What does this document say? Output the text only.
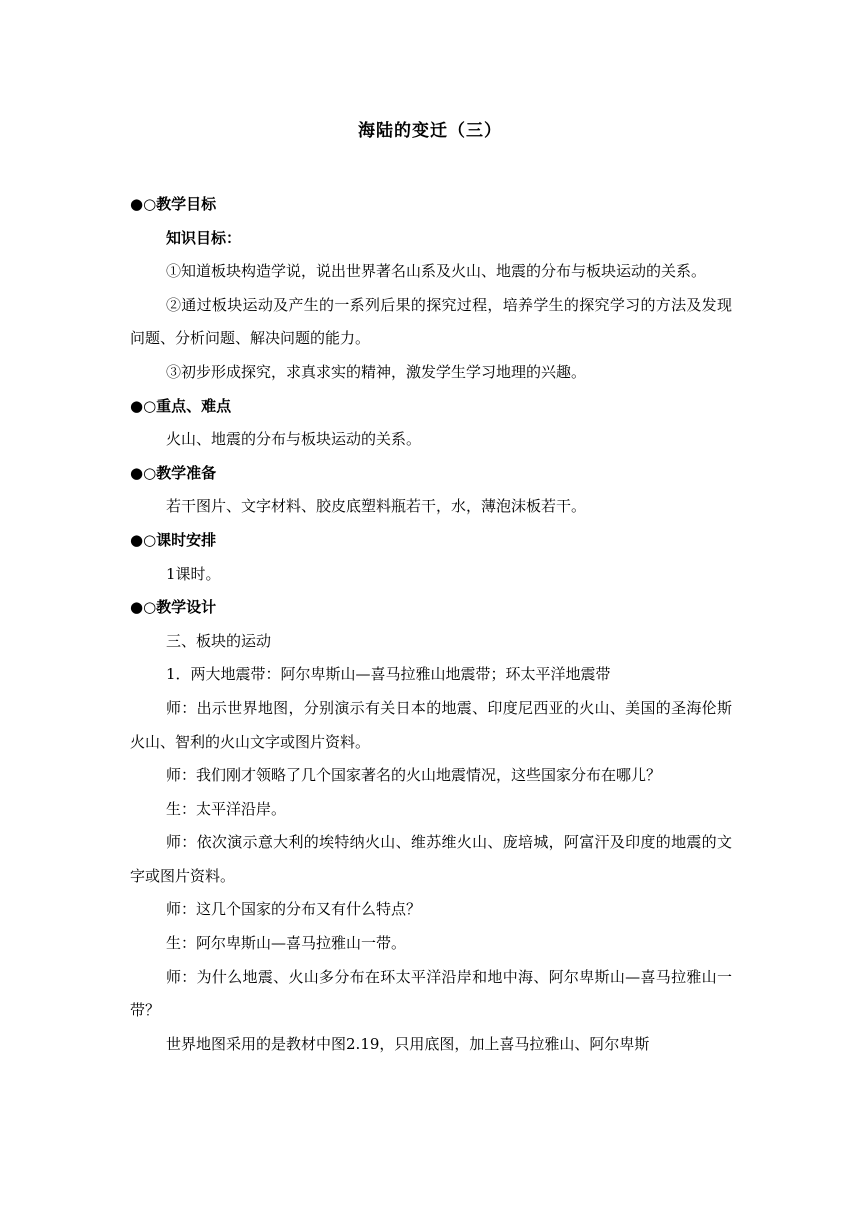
海陆的变迁（三）
●○教学目标
知识目标：
①知道板块构造学说，说出世界著名山系及火山、地震的分布与板块运动的关系。
②通过板块运动及产生的一系列后果的探究过程，培养学生的探究学习的方法及发现问题、分析问题、解决问题的能力。
③初步形成探究，求真求实的精神，激发学生学习地理的兴趣。
●○重点、难点
火山、地震的分布与板块运动的关系。
●○教学准备
若干图片、文字材料、胶皮底塑料瓶若干，水，薄泡沫板若干。
●○课时安排
1课时。
●○教学设计
三、板块的运动
1．两大地震带：阿尔卑斯山—喜马拉雅山地震带；环太平洋地震带
师：出示世界地图，分别演示有关日本的地震、印度尼西亚的火山、美国的圣海伦斯火山、智利的火山文字或图片资料。
师：我们刚才领略了几个国家著名的火山地震情况，这些国家分布在哪儿？
生：太平洋沿岸。
师：依次演示意大利的埃特纳火山、维苏维火山、庞培城，阿富汗及印度的地震的文字或图片资料。
师：这几个国家的分布又有什么特点？
生：阿尔卑斯山—喜马拉雅山一带。
师：为什么地震、火山多分布在环太平洋沿岸和地中海、阿尔卑斯山—喜马拉雅山一带？
世界地图采用的是教材中图2.19，只用底图，加上喜马拉雅山、阿尔卑斯
